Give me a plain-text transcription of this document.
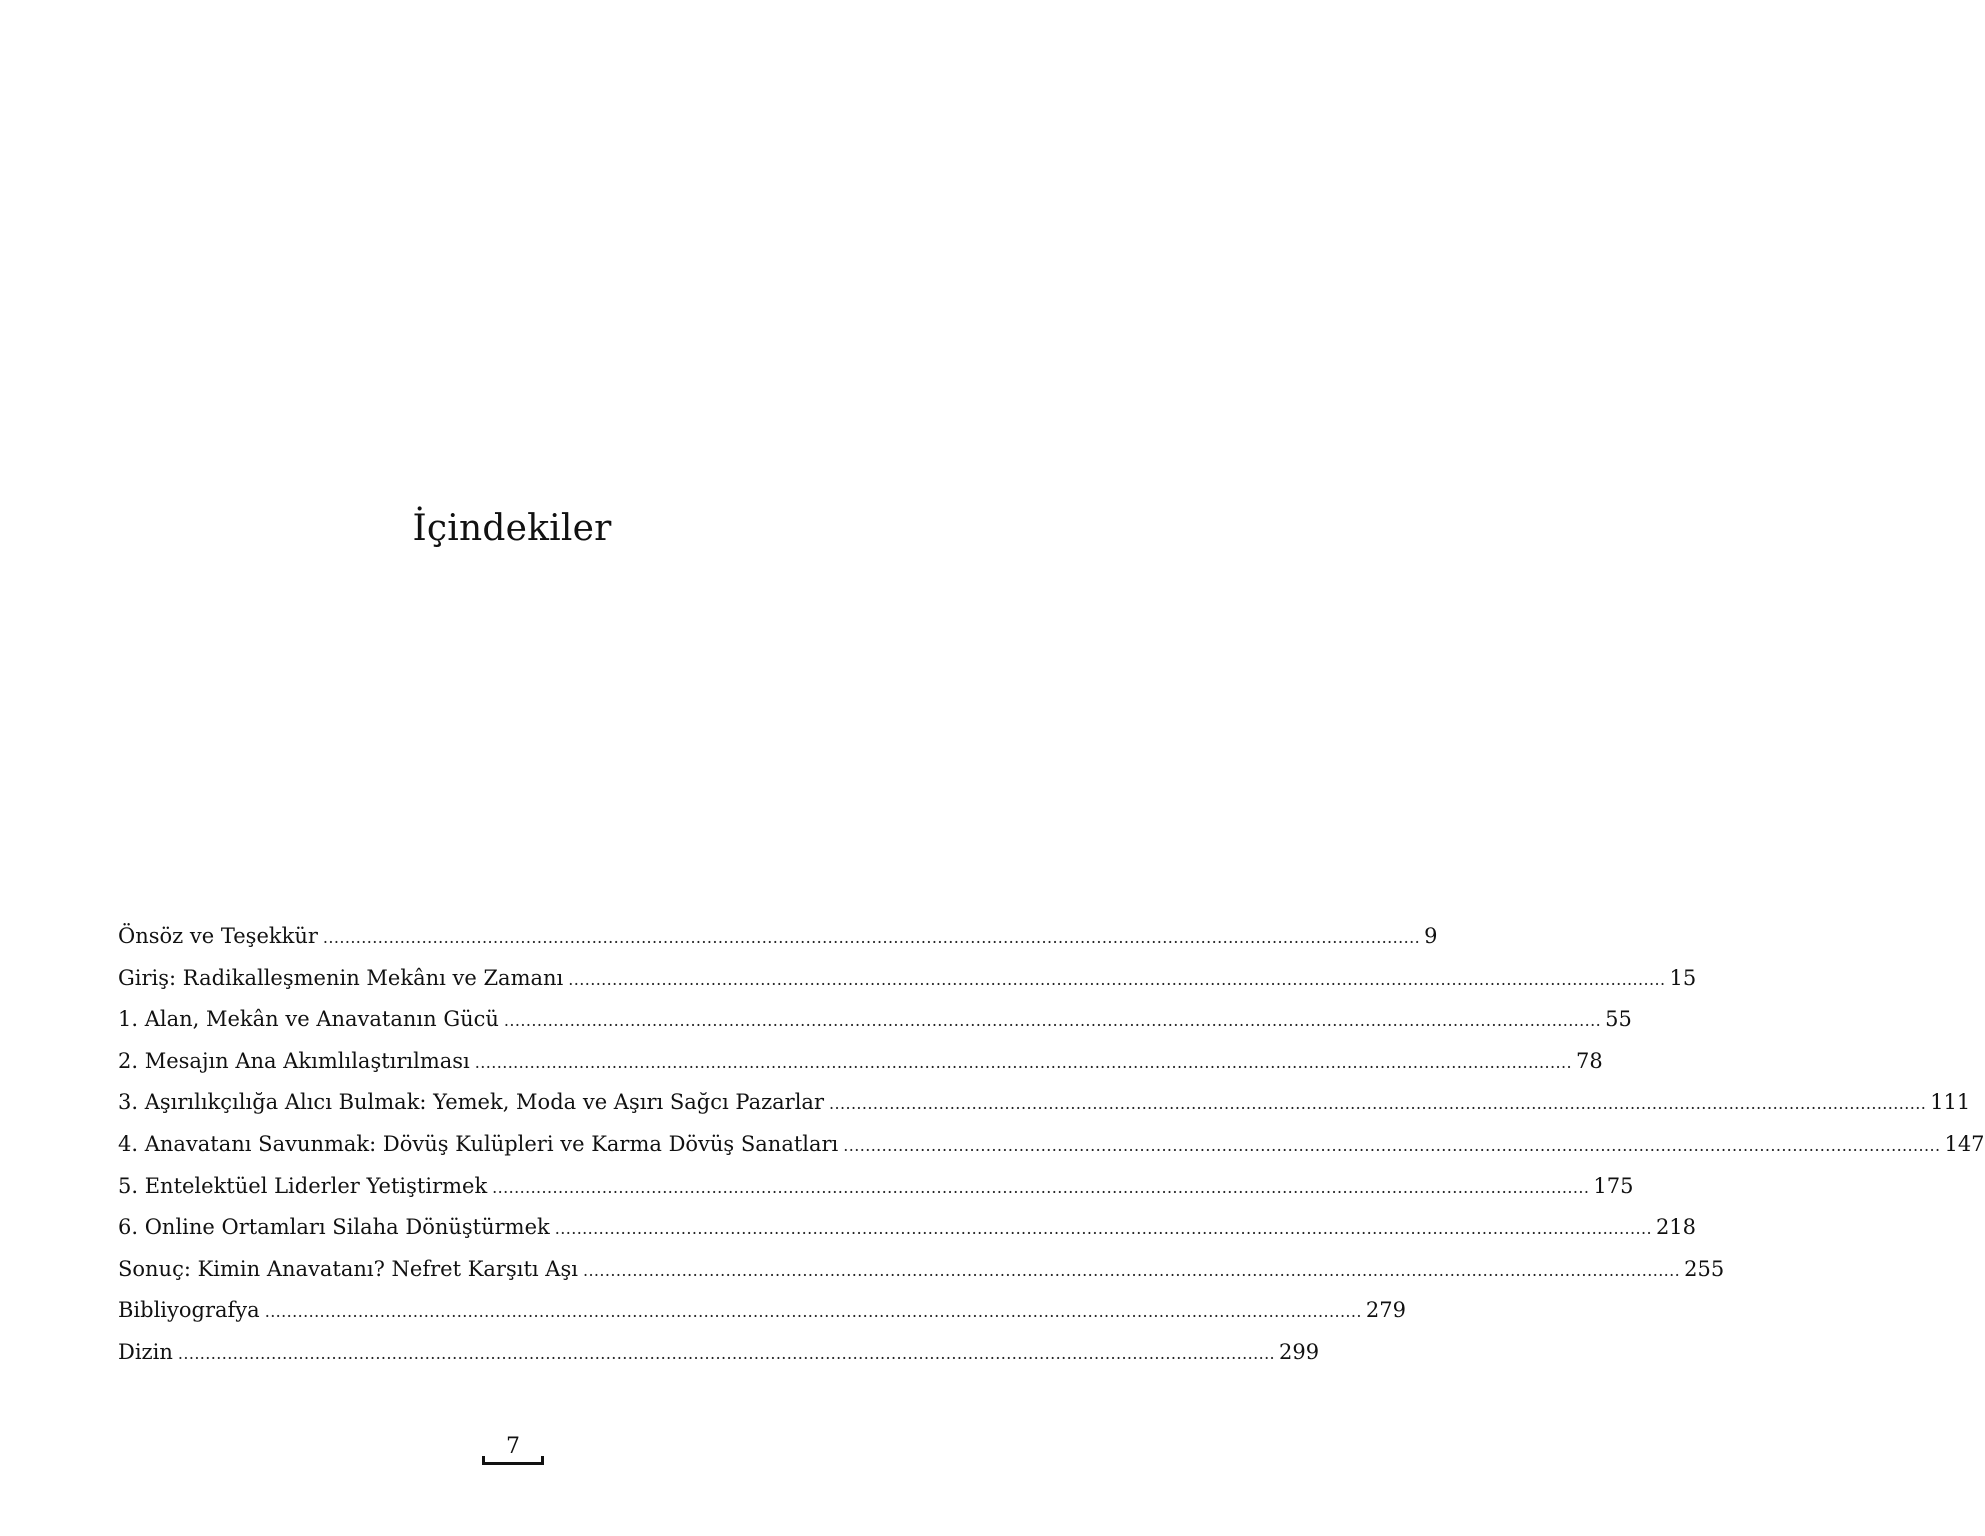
İçindekiler
Önsöz ve Teşekkür ........................................................................................................................................................................................................ 9
Giriş: Radikalleşmenin Mekânı ve Zamanı ........................................................................................................................................................................................................ 15
1. Alan, Mekân ve Anavatanın Gücü ........................................................................................................................................................................................................ 55
2. Mesajın Ana Akımlılaştırılması ........................................................................................................................................................................................................ 78
3. Aşırılıkçılığa Alıcı Bulmak: Yemek, Moda ve Aşırı Sağcı Pazarlar ........................................................................................................................................................................................................ 111
4. Anavatanı Savunmak: Dövüş Kulüpleri ve Karma Dövüş Sanatları ........................................................................................................................................................................................................ 147
5. Entelektüel Liderler Yetiştirmek ........................................................................................................................................................................................................ 175
6. Online Ortamları Silaha Dönüştürmek ........................................................................................................................................................................................................ 218
Sonuç: Kimin Anavatanı? Nefret Karşıtı Aşı ........................................................................................................................................................................................................ 255
Bibliyografya ........................................................................................................................................................................................................ 279
Dizin ........................................................................................................................................................................................................ 299
7
